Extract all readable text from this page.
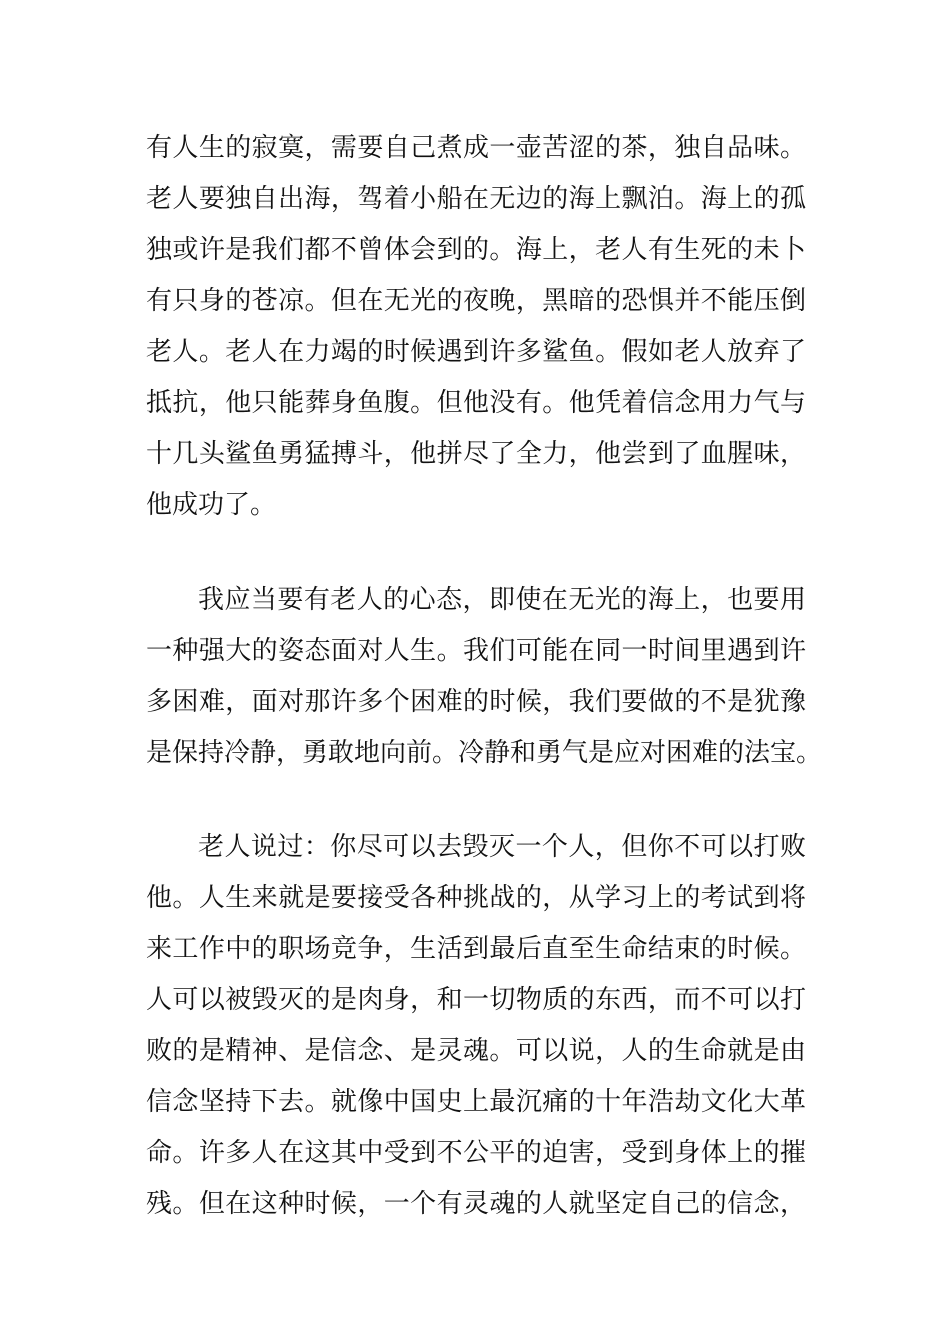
有人生的寂寞，需要自己煮成一壶苦涩的茶，独自品味。
老人要独自出海，驾着小船在无边的海上飘泊。海上的孤
独或许是我们都不曾体会到的。海上，老人有生死的未卜
有只身的苍凉。但在无光的夜晚，黑暗的恐惧并不能压倒
老人。老人在力竭的时候遇到许多鲨鱼。假如老人放弃了
抵抗，他只能葬身鱼腹。但他没有。他凭着信念用力气与
十几头鲨鱼勇猛搏斗，他拼尽了全力，他尝到了血腥味，
他成功了。
我应当要有老人的心态，即使在无光的海上，也要用
一种强大的姿态面对人生。我们可能在同一时间里遇到许
多困难，面对那许多个困难的时候，我们要做的不是犹豫
是保持冷静，勇敢地向前。冷静和勇气是应对困难的法宝。
老人说过：你尽可以去毁灭一个人，但你不可以打败
他。人生来就是要接受各种挑战的，从学习上的考试到将
来工作中的职场竞争，生活到最后直至生命结束的时候。
人可以被毁灭的是肉身，和一切物质的东西，而不可以打
败的是精神、是信念、是灵魂。可以说，人的生命就是由
信念坚持下去。就像中国史上最沉痛的十年浩劫文化大革
命。许多人在这其中受到不公平的迫害，受到身体上的摧
残。但在这种时候，一个有灵魂的人就坚定自己的信念，
